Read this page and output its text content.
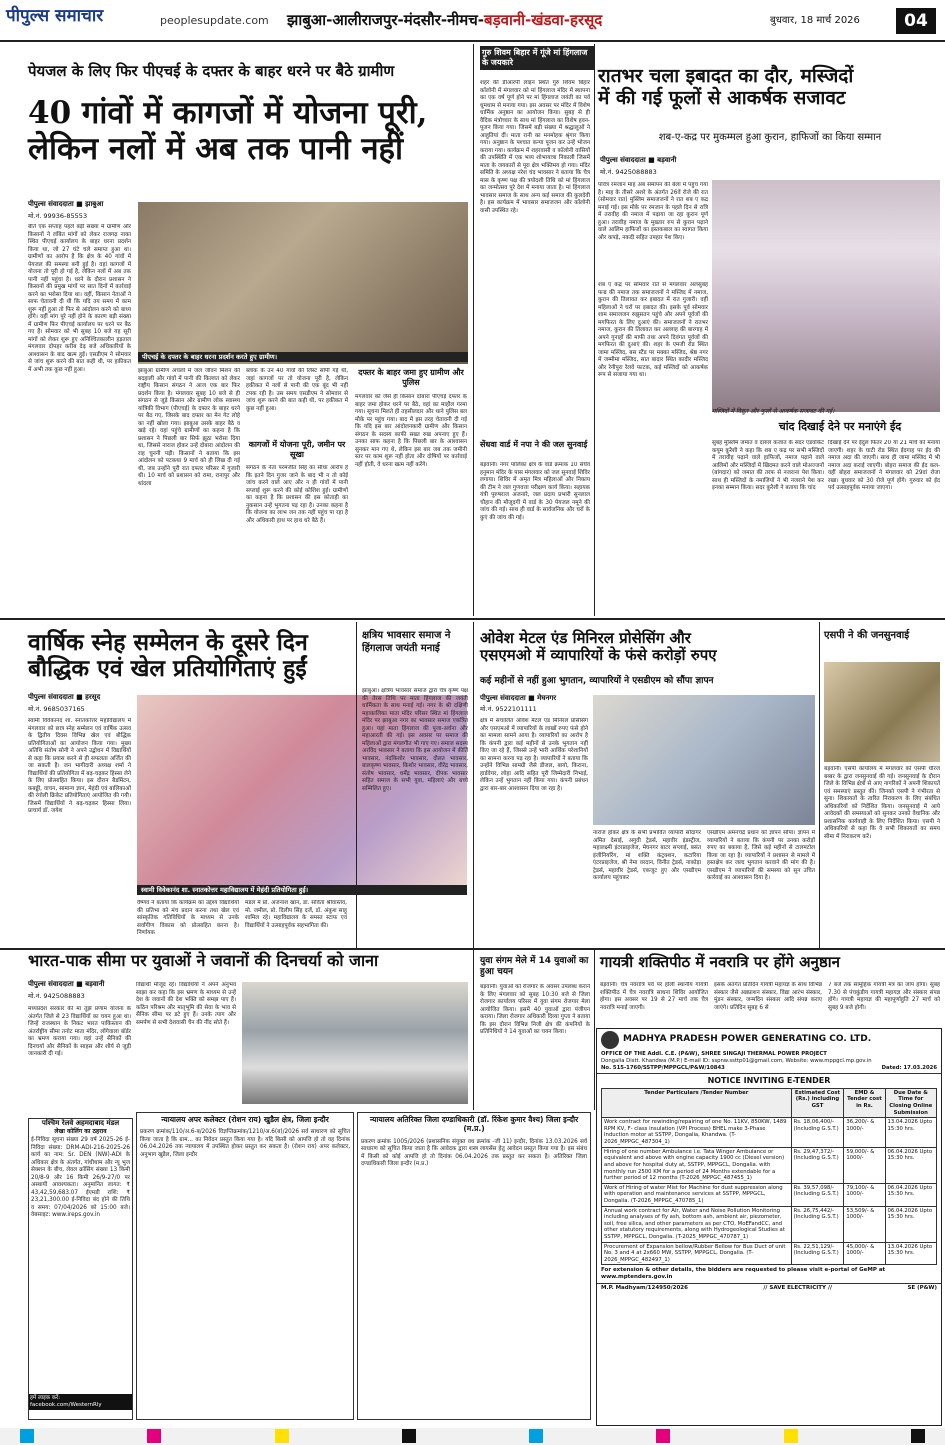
पीपुल्स समाचार	peoplesupdate.com झाबुआ-आलीराजपुर-मंदसौर-नीमच-बड़वानी-खंडवा-हरसूद	बुधवार, 18 मार्च 2026	04
पेयजल के लिए फिर पीएचई के दफ्तर के बाहर धरने पर बैठे ग्रामीण
40 गांवों में कागजों में योजना पूरी,
लेकिन नलों में अब तक पानी नहीं
पीपुल्स संवाददाता ■ झाबुआ
मो.नं. 99936-85553
बीते एक सप्ताह पहले बड़ी संख्या में ग्रामीण और किसानों ने लंबित मांगों को लेकर राजगढ़ नाका स्थित पीएचई कार्यालय के बाहर धरना प्रदर्शन किया था, जो 27 घंटे चले समाप्त हुआ था। ग्रामीणों का आरोप है कि क्षेत्र के 40 गांवों में पेयजल की समस्या बनी हुई है। वहां कागजों में योजना तो पूरी हो गई है, लेकिन नलों में अब तक पानी नहीं पहुंचा है। धरने के दौरान प्रशासन ने किसानों की प्रमुख मांगों पर सात दिनों में कार्रवाई करने का भरोसा दिया था। वहीं, किसान नेताओं ने साफ चेतावनी दी थी कि यदि तय समय में काम शुरू नहीं हुआ तो फिर से आंदोलन करने को बाध्य होंगे। वहीं मांग पूरे नहीं होने के कारण बड़ी संख्या में ग्रामीण फिर पीएचई कार्यालय पर धरने पर बैठ गए हैं। सोमवार को भी सुबह 10 बजे यह सूरी मांगों को लेकर शुरू हुए अनिश्चितकालीन हड़ताल मंगलवार दोपहर करीब देढ़ बजे अधिकारियों के आश्वासन के बाद खत्म हुई। एसडीएम ने सोमवार से जांच शुरू करने की बात कही थी, पर हकीकत में अभी तक कुछ नहीं हुआ।
पीएचई के दफ्तर के बाहर धरना प्रदर्शन करते हुए ग्रामीण।
झाबुआ ग्रामीण अंचलों में जल जीवन मिशन की बदहाली और गांवों में पानी की किल्लत को लेकर राष्ट्रीय किसान संगठन ने आज एक बार फिर प्रदर्शन किया है। मंगलवार सुबह 10 बजे से ही संगठन से जुड़े किसान और ग्रामीण लोक स्वास्थ्य यांत्रिकी विभाग (पीएचई) के दफ्तर के बाहर धरने पर बैठ गए, जिसके बाद दफ्तर का मेन गेट लोहे का नहीं खोला गया। झाबुआ उसके बाहर बैठे व खड़े रहे। वहां पहुंचे ग्रामीणों का कहना है कि प्रशासन ने पिछली बार सिर्फ झूठा भरोसा दिया था, जिससे नाराज होकर उन्हें दोबारा आंदोलन की राह चुननी पड़ी। किसानों ने बताया कि इस आंदोलन को पटकथा 9 मार्च को ही लिख दी गई थी, जब उन्होंने पूरी रात दफ्तर परिसर में गुजारी थी। 10 मार्च को प्रशासन को रामा, रानापुर और थांदला
ब्लॉक के उन 40 गांवों की लिस्ट सौंपी गई थी, जहां कागजों पर तो योजना पूरी है, लेकिन हकीकत में नलों से पानी की एक बूंद भी नहीं टपक रही है। उस समय एसडीएम ने सोमवार से जांच शुरू करने की बात कही थी, पर हकीकत में कुछ नहीं हुआ।
कागजों में योजना पूरी, जमीन पर सूखा
संगठन के नेता परमजीत सिंह का सीधा आरोप है कि इतने दिन गुजर जाने के बाद भी न तो कोई जांच करने वाले आए और न ही गांवों में पानी सप्लाई शुरू करने की कोई कोशिश हुई। ग्रामीणों का कहना है कि प्रशासन की इस कोताही का नुकसान उन्हें भुगतना पड़ रहा है। उनका कहना है कि योजना का लाभ जन तक नहीं पहुंच पा रहा है और अधिकारी हाथ पर हाथ धरे बैठे हैं।
दफ्तर के बाहर जमा हुए ग्रामीण और पुलिस
मंगलवार को जैसे ही किसान दोबारा पीएचई दफ्तर के बाहर जमा होकर धरने पर बैठे, वहां का माहौल गरमा गया। सूचना मिलते ही तहसीलदार और थाने पुलिस बल मौके पर पहुंच गया। बाद में इस तरह चेतावनी दी गई कि यदि इस बार आंदोलनकारी ग्रामीण और किसान संगठन के सदस्य काफी सख्त रुख अपनाए हुए हैं। उनका साफ कहना है कि पिछली बार के आश्वासन सुनकर मान गए थे, लेकिन इस बार जब तक जमीनी स्तर पर काम शुरू नहीं होता और दोषियों पर कार्रवाई नहीं होती, वे धरना खत्म नहीं करेंगे।
गुरु शिवम बिहार में गूंजे मां हिंगलाज के जयकारे
शहर की डीआरपी लाइन स्थित गुरु शिवम बिहार कॉलोनी में मंगलवार को मां हिंगलाज मंदिर में स्थापना का एक वर्ष पूर्ण होने पर मां हिंगलाज जयंती का पर्व धूमधाम से मनाया गया। इस अवसर पर मंदिर में विशेष धार्मिक अनुष्ठान का आयोजन किया। सुबह से ही वैदिक मंत्रोच्चार के साथ मां हिंगलाज का विशेष हवन-पूजन किया गया। जिसमें बड़ी संख्या में श्रद्धालुओं ने आहुतियां दीं। माता रानी का मनमोहक श्रृंगार किया गया। अनुष्ठान के पश्चात कन्या पूजन कर उन्हें भोजन कराया गया। कार्यक्रम में शहरवासी व कॉलोनी वासियों की उपस्थिति में एक भव्य शोभायात्रा निकाली जिसमें माता के जयकारों से पूरा क्षेत्र भक्तिमय हो गया। मंदिर समिति के अध्यक्ष नरेश चंद भावसार ने बताया कि चैत्र मास के कृष्ण पक्ष की त्रयोदशी तिथि को मां हिंगलाज का जन्मोत्सव पूरे देश में मनाया जाता है। मां हिंगलाज भावसार समाज के साथ अन्य कई समाज की कुलदेवी है। इस कार्यक्रम में भावसार समाजजन और कॉलोनी वासी उपस्थित रहे।
सेंधवा वार्ड में नपा ने की जल सुनवाई
बड़वानी। नगर पालिका क्षेत्र के वार्ड क्रमांक 10 संघेव हनुमान मंदिर के पास मंगलवार को जल सुनवाई शिविर लगाया। शिविर में अमृत मित्र महिलाओं और निकाय की टीम ने जल गुणवत्ता परीक्षण कार्य किया। सहायक यंत्री पुरुषराज अजनारे, जल प्रदाय प्रभारी सुनलाल चौहान की मौजूदगी में वार्ड के 30 पेयजल नमूने की जांच की गई। साथ ही वार्ड के सार्वजनिक और घरों के कुएं की जांच की गई।
रातभर चला इबादत का दौर, मस्जिदों
में की गई फूलों से आकर्षक सजावट
शब-ए-कद्र पर मुकम्मल हुआ कुरान, हाफिजों का किया सम्मान
पीपुल्स संवाददाता ■ बड़वानी
मो.नं. 9425088883
पवित्र रमजान माह अब समापन की बेला में पहुंच गया है। माह के तीसरे अशरे के अंतर्गत 26वें रोजे की रात (सोमवार रात) मुस्लिम समाजजनों ने रात शब ए कद्र मनाई गई। इस मौके पर रमजान के पहले दिन से रात्रि में तरावीह की नमाज में पढ़ाया जा रहा कुरान पूर्ण हुआ। तरावीह नमाज के मुख्तार रुप से कुरान पढ़ाने वाले आलिम हाफिजों का इस्तकबाल का स्वागत किया और कपड़े, नकदी सहित उपहार पेश किए।
शब ए कद्र पर सोमवार रात से मंगलवार अलसुबह फज्र की नमाज तक समाजजनों ने मस्जिद में नमाज, कुरान की तिलावत कर इबादत में रात गुजारी। वहीं महिलाओं ने घरों पर इबादत की। इसके पूर्व सोमवार शाम समाजजन रुझुसतन पहुंचे और अपने पूर्वजों की मगफिरत के लिए दुआएं की। समाजजनों ने रातभर नमाज, कुरान की तिलावत कर अल्लाह की बारगाह में अपने गुनाहों की माफी तथा अपने दिवंगत पूर्वजों की मगफिरत की दुआएं की। शहर के एमजी रोड स्थित जामा मस्जिद, बस स्टैंड पर मक्का मस्जिद, श्रेष्ठ नगर में जम्मीमा मस्जिद, सात बादार स्थित कादीर मस्जिद और रेनीपुरा रेलवे फाटक, कई मस्जिदों को आकर्षक रूप से सजाया गया था।
मस्जिदों में विद्युत और फूलों से आकर्षक सजावट की गई।
चांद दिखाई देने पर मनाएंगे ईद
सुबह मुस्लिम जमात व दारुल कजात के सदर एडवोकेट कयूम कुरैशी ने कहा कि शब ए कद्र पर सभी मस्जिदों में तरावीह पढ़ाने वाले हाफिजों, नमाज पढ़ाने वाले आलिमों और मस्जिदों में खिदमत करने वाले मोअज्जनों (बांगदार) को जमात की तरफ से नजराना पेश किया। साथ ही मस्जिदों के नमाजियों ने भी नजराने पेश कर इनका सम्मान किया। सदर कुरैशी ने बताया कि चांद
दिखाई देने पर ईदुल फितर 20 या 21 मार्च को मनाया जाएगी। शहर के घाटी रोड स्थित ईदगाह पर ईद की नमाज अदा की जाएगी। साथ ही जामा मस्जिद में भी नमाज अदा कराई जाएगी। बोहरा समाज की ईद कल- वहीं बोहरा समाजजनों ने मंगलवार को 29वां रोजा रखा। बुधवार को 30 रोजे पूर्ण होंगे। गुरुवार को ईद पर्व उत्साहपूर्वक मनाया जाएगा।
वार्षिक स्नेह सम्मेलन के दूसरे दिन
बौद्धिक एवं खेल प्रतियोगिताएं हुईं
पीपुल्स संवाददाता ■ हरसूद
मो.नं. 9685037165
स्वामी विवेकानंद शा. स्नातकोत्तर महाविद्यालय में मंगलवार को छात्र स्नेह सम्मेलन एवं वार्षिक उत्सव के द्वितीय दिवस विभिन्न खेल एवं बौद्धिक प्रतियोगिताओं का आयोजन किया गया। मुख्य अतिथि संतोष सोनी ने अपने उद्बोधन में विद्यार्थियों से कहा कि प्रयास करने से ही सफलता अर्जित की जा सकती है। जन भागीदारी अध्यक्ष शर्मा ने विद्यार्थियों की प्रतियोगिता में बढ़-चढ़कर हिस्सा लेने के लिए प्रोत्साहित किया। इस दौरान बैडमिंटन, कबड्डी, वाचन, सामान्य ज्ञान, मेहंदी एवं बालिकाओं की रंगोली क्रिकेट प्रतियोगिताएं आयोजित की गयी। जिसमें विद्यार्थियों ने बढ़-चढ़कर हिस्सा लिया। प्राचार्य डॉ. जयेश
स्वामी विवेकानंद शा. स्नातकोत्तर महाविद्यालय में मेहंदी प्रतियोगिता हुई।
वैष्णव ने बताया कि कार्यक्रम का उद्देश्य विद्यार्थियों की प्रतिभा को मंच प्रदान करना तथा खेल एवं सांस्कृतिक गतिविधियों के माध्यम से उनके सर्वांगीण विकास को प्रोत्साहित करना है। निर्णायक
मंडल में प्रो. अजनाश खान, डॉ. सविता श्रीवास्तव, मो. जमील, प्रो. दिलीप सिंह दर्जे, डॉ. अंकुश साहू शामिल रहे। महाविद्यालय के समस्त स्टाफ एवं विद्यार्थियों ने उत्साहपूर्वक सहभागिता की।
क्षत्रिय भावसार समाज ने हिंगलाज जयंती मनाई
झाबुआ। क्षत्रिय भावसार समाज द्वारा चैत्र कृष्ण पक्ष की तेरस तिथि पर माता हिंगलाज की जयंती धार्मिकता के साथ मनाई गई। नगर के श्री दक्षिणी महाकालिका माता मंदिर परिसर स्थित मां हिंगलाज मंदिर पर झाबुआ नगर का भावसार समाज एकत्रित हुआ। यहां माता हिंगलाज की पूजा-अर्चना और महाआरती की गई। इस अवसर पर समाज की महिलाओं द्वारा मंगलगीत भी गाए गए। समाज सदस्य अरविंद भावसार ने बताया कि इस आयोजन में कीर्ति भावसार, नंदकिशोर भावसार, दौलत भावसार, बालकृष्ण भावसार, किशोर भावसार, वीरेंद्र भावसार, संतोष भावसार, धर्मेंद्र भावसार, दीपक भावसार सहित समाज के सभी युवा, महिलाएं और बच्चे सम्मिलित हुए।
ओवेश मेटल एंड मिनिरल प्रोसेसिंग और
एसएमओ में व्यापारियों के फंसे करोड़ों रुपए
कई महीनों से नहीं हुआ भुगतान, व्यापारियों ने एसडीएम को सौंपा ज्ञापन
पीपुल्स संवाददाता ■ मेघनगर
मो.नं. 9522101111
क्षेत्र में संचालित ओवेश मेटल एंड मिनिरल प्रोसेसिंग और एसएमओ में व्यापारियों के लाखों रुपए फंसे होने का मामला सामने आया है। व्यापारियों का आरोप है कि कंपनी द्वारा कई महीनों से उनके भुगतान नहीं किए जा रहे हैं, जिससे उन्हें भारी आर्थिक परेशानियों का सामना करना पड़ रहा है। व्यापारियों ने बताया कि उन्होंने विभिन्न सामग्री जैसे डीजल, बायो, किराना, हार्डवेयर, लोहा आदि सहित पूरी जिम्मेदारी निभाई, लेकिन उन्हें भुगतान नहीं किया गया। कंपनी प्रबंधन द्वारा बार-बार आश्वासन दिया जा रहा है।
नाराज होकर क्षेत्र के सभी प्रभावित व्यापारी सौदागर अमित देसाई, अगुवी ट्रेडर्स, महावीर इंडस्ट्रीज, महालक्ष्मी इंटरप्राइजेज, मेघनगर बाटर सप्लाई, बसंत इंजीनियरिंग, मां शक्ति कंट्रक्शन, कटारिया एंटरप्राइजेज, श्री नेमा वरदान, विनीत ट्रेडर्स, नाकोड़ा ट्रेडर्स, महावीर ट्रेडर्स, एकजुट हुए और एसडीएम कार्यालय पहुंचकर
एसडीएम अमनचंद्रे प्रधान को ज्ञापन सौंपा। ज्ञापन में व्यापारियों ने बताया कि कंपनी पर उनका करोड़ों रुपए का बकाया है, जिसे कई महीनों से टालमटोल किया जा रहा है। व्यापारियों ने प्रशासन से मामले में हस्तक्षेप कर जल्द भुगतान करवाने की मांग की है। एसडीएम ने व्यापारियों की समस्या को सुन उचित कार्रवाई का आश्वासन दिया है।
एसपी ने की जनसुनवाई
बड़वानी। एसपी कार्यालय में मंगलवार को एसपी धीरज बब्बर के द्वारा जनसुनवाई की गई। जनसुनवाई के दौरान जिले के विभिन्न क्षेत्रों से आए नागरिकों ने अपनी शिकायतें एवं समस्याएं प्रस्तुत कीं। जिनको एसपी ने गंभीरता से सुना। शिकायतों के त्वरित निराकरण के लिए संबंधित अधिकारियों को निर्देशित किया। जनसुनवाई में आये आवेदकों की समस्याओं को सुनकर उनको वैधानिक और प्रशासनिक कार्यवाही के लिए निर्देशित किया। एसपी ने अधिकारियों से कहा कि वे सभी शिकायतों का समय सीमा में निराकरण करें।
भारत-पाक सीमा पर युवाओं ने जवानों की दिनचर्या को जाना
पीपुल्स संवाददाता ■ बड़वानी
मो.नं. 9425088883
मध्यप्रदेश सरकार की मां तुझे प्रणाम योजना के अंतर्गत जिले से 23 विद्यार्थियों का चयन हुआ था। जिन्हें राजस्थान के निकट भारत पाकिस्तान की अंतर्राष्ट्रीय सीमा तनोट माता मंदिर, लोंगेवाला बॉर्डर का भ्रमण कराया गया। वहां उन्हें सैनिकों की दिनचर्या और सैनिकों के साहस और शौर्य से जुड़ी जानकारी दी गई।
विद्यार्थी मौजूद रहे। विद्यार्थियों ने अपने अनुभव साझा कर कहा कि इस भ्रमण के माध्यम से उन्हें देश के जवानों की देश भक्ति को समझ पाए हैं। कठिन परिश्रम और मातृभूमि की सेवा के भाव से सैनिक सीमा पर डटे हुए हैं। उनके त्याग और समर्पण से सभी देशवासी चैन की नींद सोते हैं।
पश्चिम रेलवे अहमदाबाद मंडल
लेखा कोलिंग का ठहराव
ई-निविदा सूचना संख्या 29 वर्ष 2025-26 ई-निविदा संख्या: DRM-ADI-216-2025-26 कार्य का नाम: Sr. DEN (NW)-ADI के अधिकार क्षेत्र के अंतर्गत, गांधीधाम और न्यू भुज सेक्शन के बीच, लेवल क्रॉसिंग संख्या 13 किमी 20/8-9 और 16 किमी 26/9-27/0 पर अस्थायी आवश्यकता। अनुमानित लागत: ₹ 43,42,59,683.07 ईएमडी राशि: ₹ 23,21,300.00 ई-निविदा बंद होने की तिथि व समय: 07/04/2026 को 15:00 बजे। वेबसाइट: www.ireps.gov.in
हमें लाइक करें: facebook.com/WesternRly
न्यायालय अपर कलेक्टर (रोशन राय) खुडैल क्षेत्र, जिला इन्दौर
प्रकरण क्रमांक/110/अ.6-ब/2026 विज्ञप्तिक्रमांक/1210/अ.6(ब)/2026 सर्व साधारण को सूचित किया जाता है कि ग्राम... का निवेदन प्रस्तुत किया गया है। यदि किसी को आपत्ति हो तो वह दिनांक 06.04.2026 तक न्यायालय में उपस्थित होकर प्रस्तुत कर सकता है। (रोशन राय) अपर कलेक्टर, अनुभाग खुडैल, जिला इन्दौर
युवा संगम मेले में 14 युवाओं का हुआ चयन
बड़वानी। युवाओं को रोजगार के अवसर उपलब्ध कराने के लिए मंगलवार को सुबह 10:30 बजे से जिला रोजगार कार्यालय परिसर में युवा संगम रोजगार मेला आयोजित किया। इसमें 40 युवाओं द्वारा पंजीयन कराया। जिला रोजगार अधिकारी दिव्या गुप्ता ने बताया कि इस दौरान विभिन्न निजी क्षेत्र की कंपनियों के प्रतिनिधियों ने 14 युवाओं का चयन किया।
न्यायालय अतिरिक्त जिला दण्डाधिकारी (डॉ. रिंकेश कुमार वैश्य) जिला इन्दौर (म.प्र.)
प्रकरण क्रमांक 1005/2026 (प्रशासनिक संयुक्त वध क्रमांक -जी 11) इन्दौर, दिनांक 13.03.2026 सर्व साधारण को सूचित किया जाता है कि आवेदक द्वारा शस्त्र लायसेंस हेतु आवेदन प्रस्तुत किया गया है। इस संबंध में किसी को कोई आपत्ति हो तो दिनांक 06.04.2026 तक प्रस्तुत कर सकता है। अतिरिक्त जिला दण्डाधिकारी जिला इन्दौर (म.प्र.)
गायत्री शक्तिपीठ में नवरात्रि पर होंगे अनुष्ठान
बड़वानी। चैत्र नवरात्रि पर्व पर होली स्थानीय गायत्री शक्तिपीठ में चैत्र नवरात्रि साधना शिविर आयोजित होगा। इस अवसर पर 19 से 27 मार्च तक चैत्र नवरात्रि मनाई जाएगी।
इसके अंतर्गत प्रतिदिन गायत्री महायज्ञ के साथ विभिन्न संस्कार जैसे अन्नप्राशन संस्कार, विद्या आरंभ संस्कार, मुंडन संस्कार, जन्मदिन संस्कार आदि संपन्न कराए जाएंगे। प्रतिदिन सुबह 6 से
7 बजे तक सामूहिक गायत्री मंत्र का जाप होगा। सुबह 7.30 से पंचकुंडीय गायत्री महायज्ञ और संस्कार संपन्न होंगे। गायत्री महायज्ञ की महापूर्णाहुति 27 मार्च को सुबह 9 बजे होगी।
MADHYA PRADESH POWER GENERATING CO. LTD.
OFFICE OF THE Addl. C.E. (P&W), SHREE SINGAJI THERMAL POWER PROJECT
Dongalia Distt. Khandwa (M.P.) E-mail ID: sspnw.ssttp01@gmail.com, Website: www.mppgcl.mp.gov.in
No. 515-1760/SSTPP/MPPGCL/P&W/10843	Dated: 17.03.2026
NOTICE INVITING E-TENDER
Tender Particulars /Tender Number	Estimated Cost (Rs.) including GST	EMD & Tender cost in Rs.	Due Date & Time for Closing Online Submission
Work contract for rewinding/repairing of one No. 11KV, 850KW, 1489 RPM KV, F- class insulation (VPI Process) BHEL make 3-Phase Induction motor at SSTPP, Dongalia, Khandwa. (T-2026_MPPGC_487304_1)	Rs. 18,06,400/- (Including G.S.T.)	36,200/- & 1000/-	13.04.2026 Upto 15:30 hrs.
Hiring of one number Ambulance i.e. Tata Winger Ambulance or equivalent and above with engine capacity 1900 cc (Diesel version) and above for hospital duty at, SSTPP, MPPGCL, Dongalia. with monthly run 2500 KM for a period of 24 Months extendable for a further period of 12 months (T-2026_MPPGC_487455_1)	Rs. 29,47,372/- (Including G.S.T.)	59,000/- & 1000/-	06.04.2026 Upto 15:30 hrs.
Work of Hiring of water Mist for Machine for dust suppression along with operation and maintenance services at SSTPP, MPPGCL, Dongalia. (T-2026_MPPGC_470785_1)	Rs. 39,57,098/- (Including G.S.T.)	79,100/- & 1000/-	06.04.2026 Upto 15:30 hrs.
Annual work contract for Air, Water and Noise Pollution Monitoring including analyses of fly ash, bottom ash, ambient air, piezometer, soil, free silica, and other parameters as per CTO, MoEFandCC, and other statutory requirements, along with Hydrogeological Studies at SSTPP, MPPGCL, Dongalia. (T-2025_MPPGC_470787_1)	Rs. 26,75,442/- (Including G.S.T.)	53,509/- & 1000/-	06.04.2026 Upto 15:30 hrs.
Procurement of Expansion bellow/Rubber Bellow for Bus Duct of unit No. 3 and 4 at 2x660 MW, SSTPP, MPPGCL, Dongalia. (T-2026_MPPGC_482497_1)	Rs. 22,51,129/- (Including G.S.T.)	45,000/- & 1000/-	13.04.2026 Upto 15:30 hrs.
For extension & other details, the bidders are requested to please visit e-portal of GeMP at www.mptenders.gov.in
M.P. Madhyam/124950/2026	// SAVE ELECTRICITY //	SE (P&W)
